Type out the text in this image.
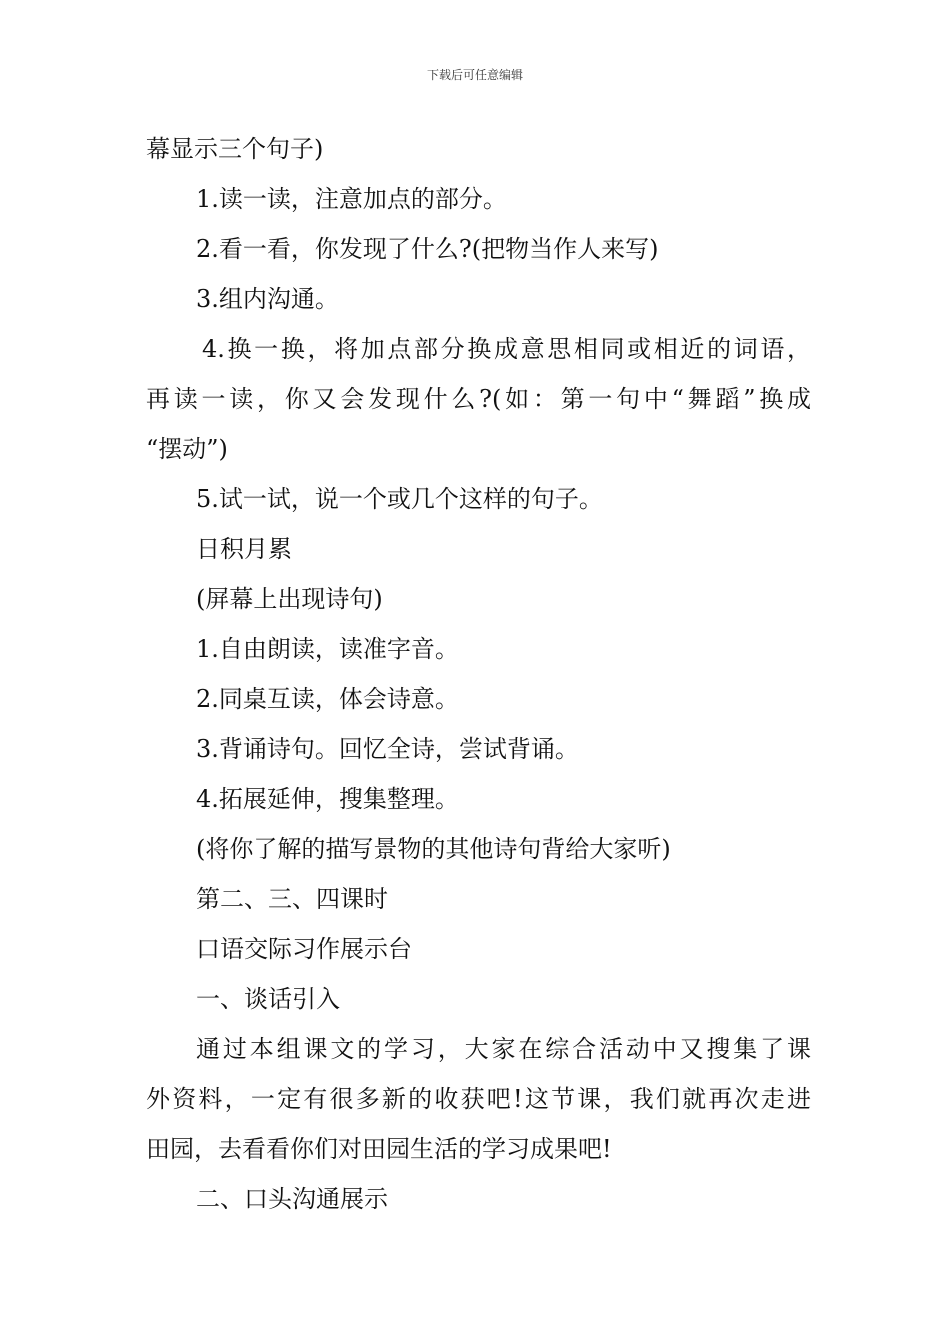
下载后可任意编辑
幕显示三个句子)
1.读一读，注意加点的部分。
2.看一看，你发现了什么?(把物当作人来写)
3.组内沟通。
4.换一换，将加点部分换成意思相同或相近的词语，
再读一读，你又会发现什么?(如：第一句中“舞蹈”换成
“摆动”)
5.试一试，说一个或几个这样的句子。
日积月累
(屏幕上出现诗句)
1.自由朗读，读准字音。
2.同桌互读，体会诗意。
3.背诵诗句。回忆全诗，尝试背诵。
4.拓展延伸，搜集整理。
(将你了解的描写景物的其他诗句背给大家听)
第二、三、四课时
口语交际习作展示台
一、谈话引入
通过本组课文的学习，大家在综合活动中又搜集了课
外资料，一定有很多新的收获吧!这节课，我们就再次走进
田园，去看看你们对田园生活的学习成果吧!
二、口头沟通展示
